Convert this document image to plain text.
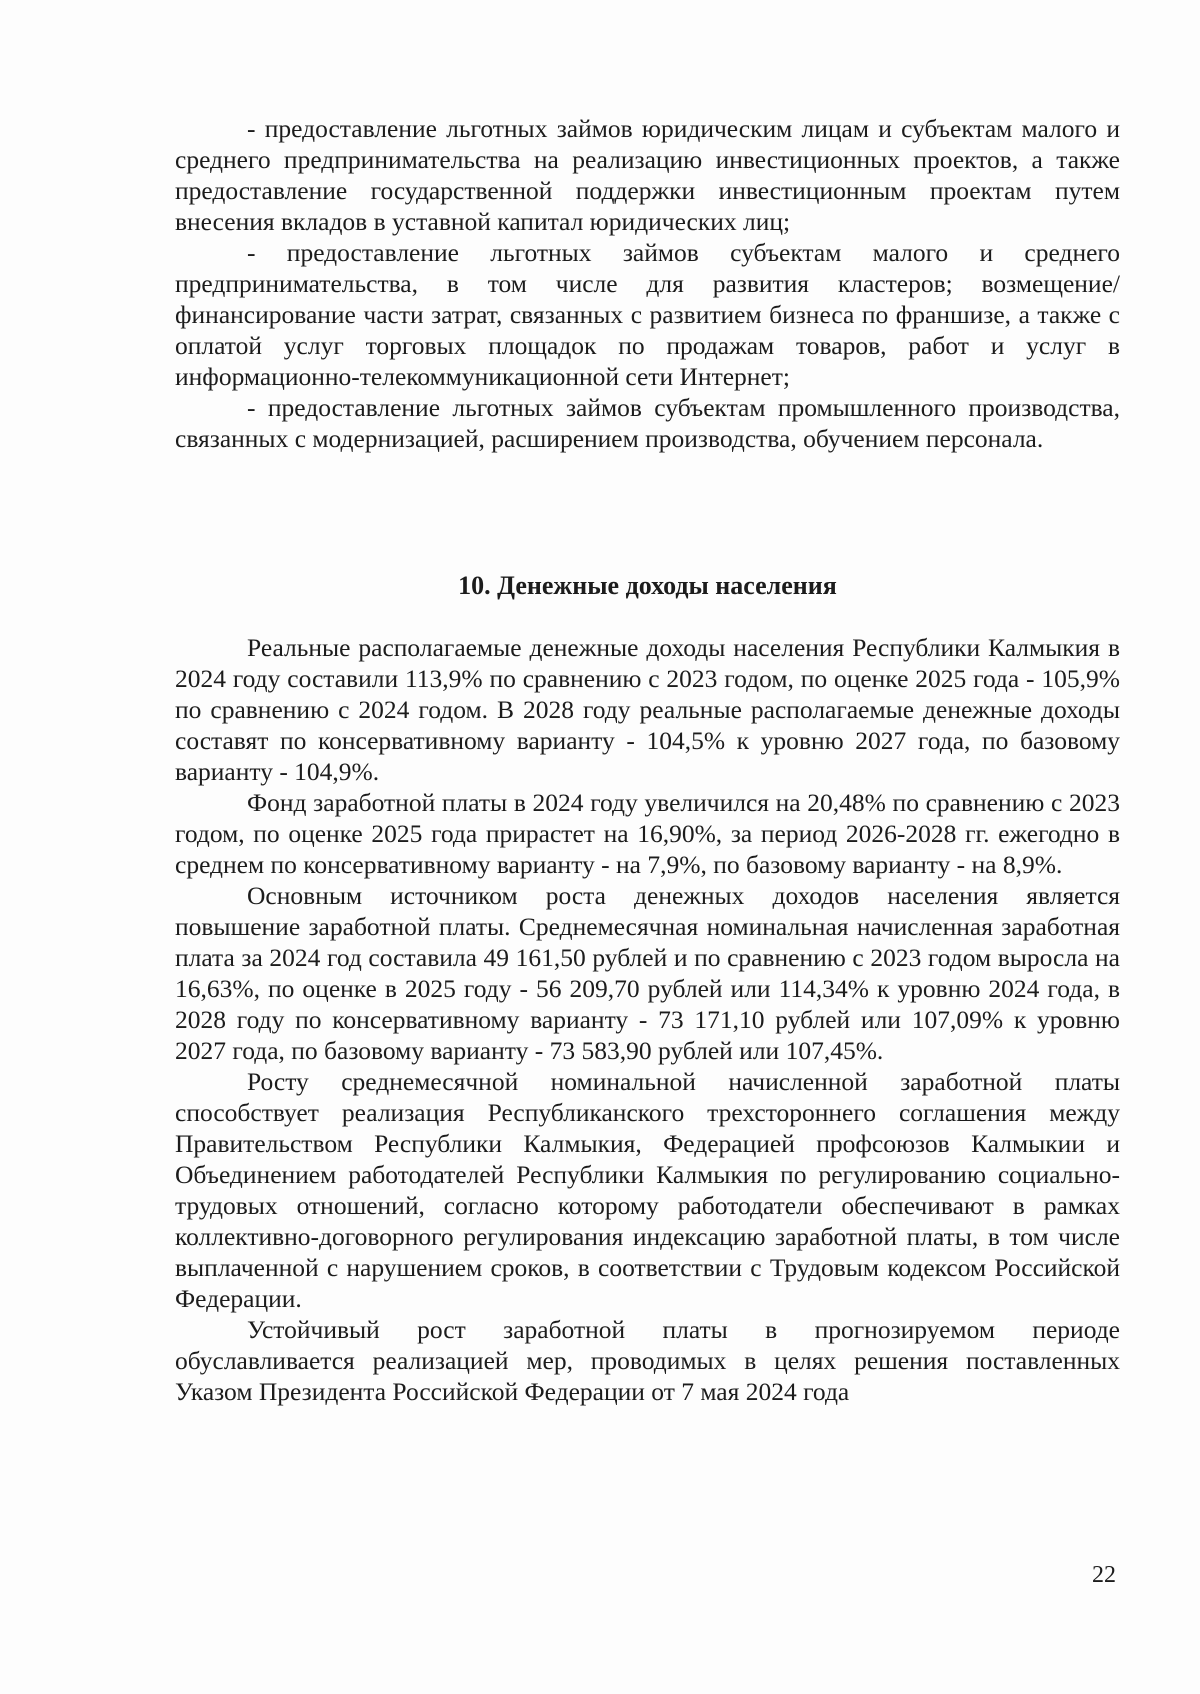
- предоставление льготных займов юридическим лицам и субъектам малого и среднего предпринимательства на реализацию инвестиционных проектов, а также предоставление государственной поддержки инвестиционным проектам путем внесения вкладов в уставной капитал юридических лиц;

- предоставление льготных займов субъектам малого и среднего предпринимательства, в том числе для развития кластеров; возмещение/финансирование части затрат, связанных с развитием бизнеса по франшизе, а также с оплатой услуг торговых площадок по продажам товаров, работ и услуг в информационно-телекоммуникационной сети Интернет;

- предоставление льготных займов субъектам промышленного производства, связанных с модернизацией, расширением производства, обучением персонала.

10. Денежные доходы населения

Реальные располагаемые денежные доходы населения Республики Калмыкия в 2024 году составили 113,9% по сравнению с 2023 годом, по оценке 2025 года - 105,9% по сравнению с 2024 годом. В 2028 году реальные располагаемые денежные доходы составят по консервативному варианту - 104,5% к уровню 2027 года, по базовому варианту - 104,9%.

Фонд заработной платы в 2024 году увеличился на 20,48% по сравнению с 2023 годом, по оценке 2025 года прирастет на 16,90%, за период 2026-2028 гг. ежегодно в среднем по консервативному варианту - на 7,9%, по базовому варианту - на 8,9%.

Основным источником роста денежных доходов населения является повышение заработной платы. Среднемесячная номинальная начисленная заработная плата за 2024 год составила 49 161,50 рублей и по сравнению с 2023 годом выросла на 16,63%, по оценке в 2025 году - 56 209,70 рублей или 114,34% к уровню 2024 года, в 2028 году по консервативному варианту - 73 171,10 рублей или 107,09% к уровню 2027 года, по базовому варианту - 73 583,90 рублей или 107,45%.

Росту среднемесячной номинальной начисленной заработной платы способствует реализация Республиканского трехстороннего соглашения между Правительством Республики Калмыкия, Федерацией профсоюзов Калмыкии и Объединением работодателей Республики Калмыкия по регулированию социально-трудовых отношений, согласно которому работодатели обеспечивают в рамках коллективно-договорного регулирования индексацию заработной платы, в том числе выплаченной с нарушением сроков, в соответствии с Трудовым кодексом Российской Федерации.

Устойчивый рост заработной платы в прогнозируемом периоде обуславливается реализацией мер, проводимых в целях решения поставленных Указом Президента Российской Федерации от 7 мая 2024 года

22
